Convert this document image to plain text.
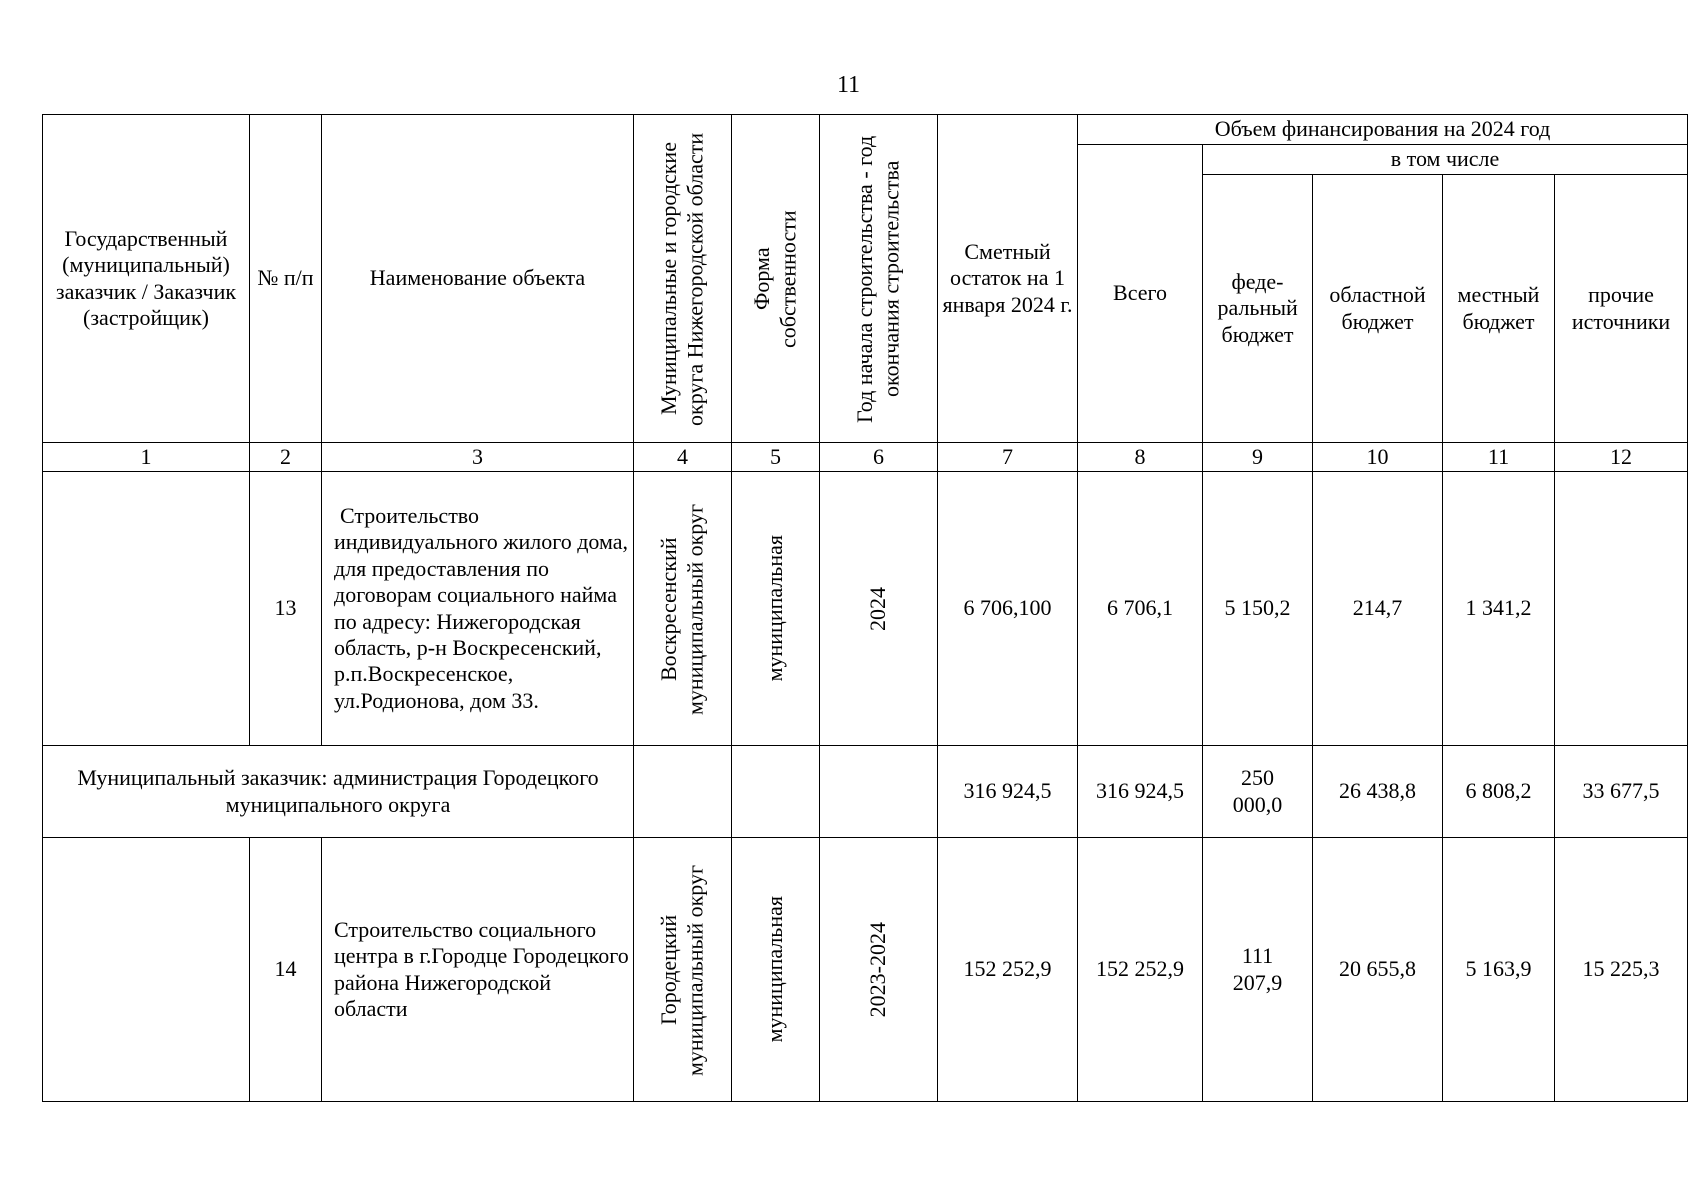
11
Государственный (муниципальный) заказчик / Заказчик (застройщик)	№ п/п	Наименование объекта	Муниципальные и городские округа Нижегородской области	Форма собственности	Год начала строительства - год окончания строительства	Сметный остаток на 1 января 2024 г.	Объем финансирования на 2024 год				
							Всего	в том числе			
								феде-ральный бюджет	областной бюджет	местный бюджет	прочие источники
1	2	3	4	5	6	7	8	9	10	11	12
	13	Строительство индивидуального жилого дома, для предоставления по договорам социального найма по адресу: Нижегородская область, р-н Воскресенский, р.п.Воскресенское, ул.Родионова, дом 33.	Воскресенский муниципальный округ	муниципальная	2024	6 706,100	6 706,1	5 150,2	214,7	1 341,2	
Муниципальный заказчик: администрация Городецкого муниципального округа						316 924,5	316 924,5	250 000,0	26 438,8	6 808,2	33 677,5
	14	Строительство социального центра в г.Городце Городецкого района Нижегородской области	Городецкий муниципальный округ	муниципальная	2023-2024	152 252,9	152 252,9	111 207,9	20 655,8	5 163,9	15 225,3
